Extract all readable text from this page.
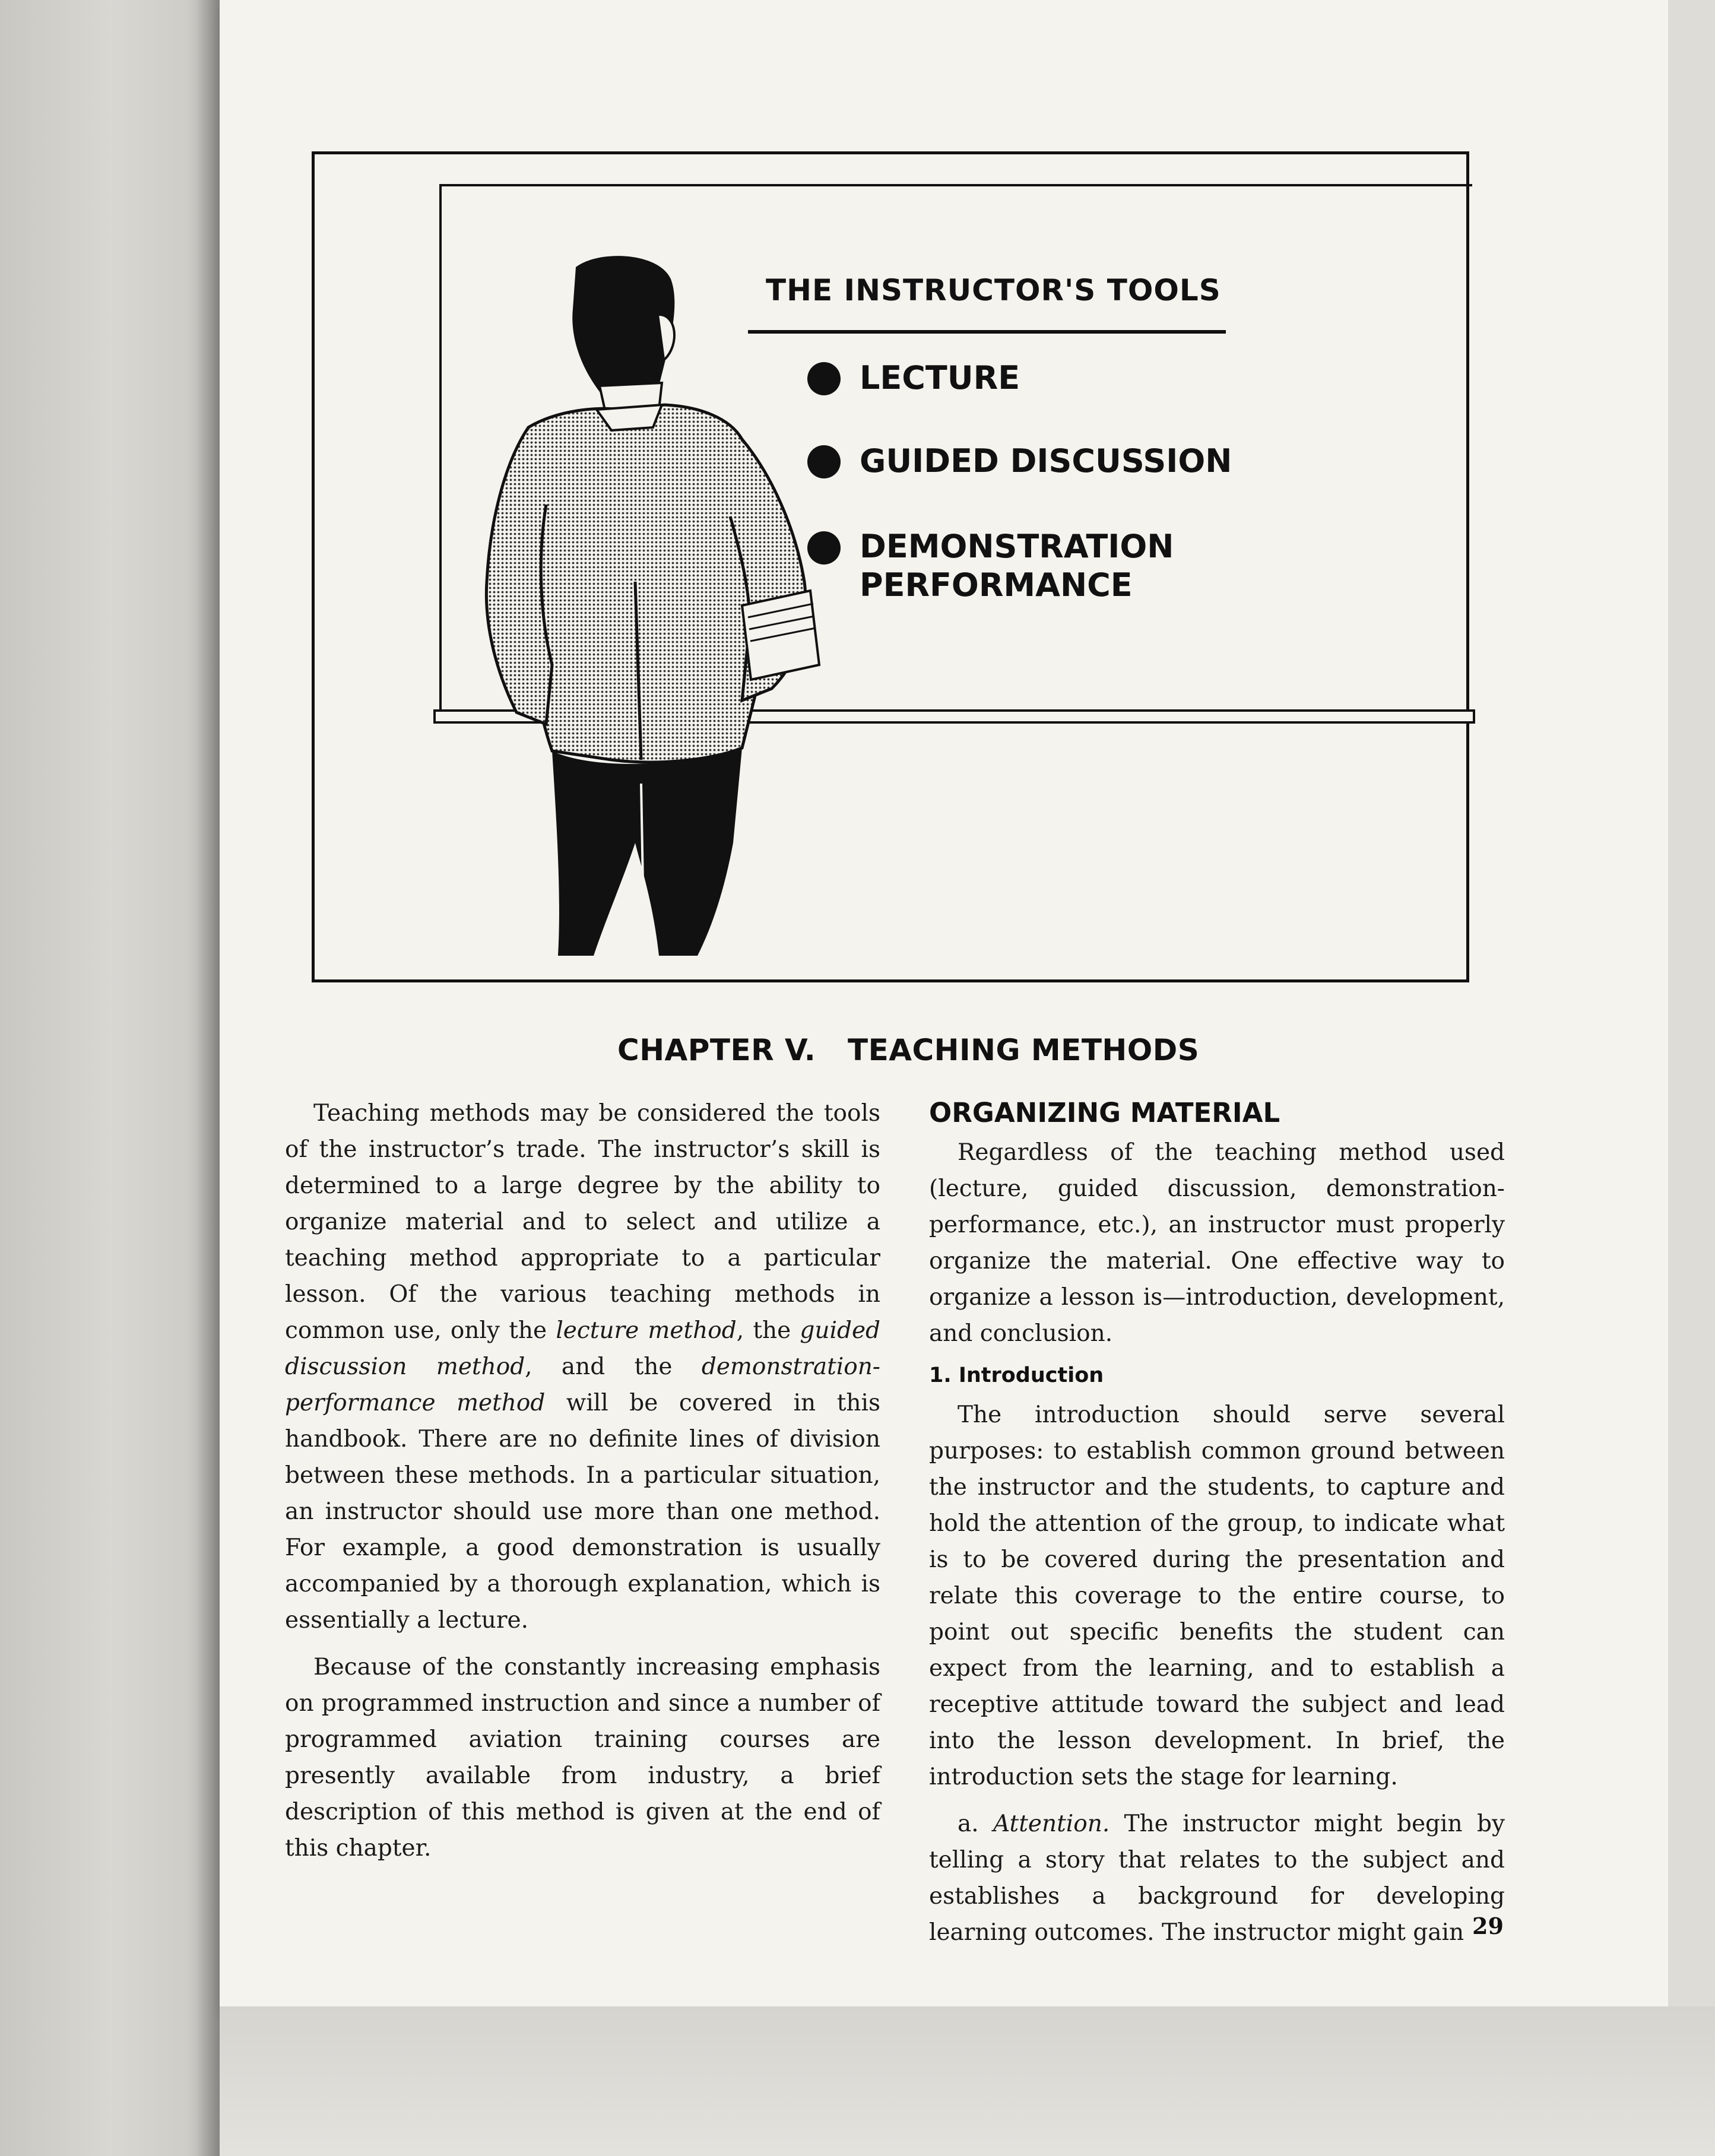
THE INSTRUCTOR'S TOOLS
LECTURE
GUIDED DISCUSSION
DEMONSTRATION
PERFORMANCE
CHAPTER V.   TEACHING METHODS

Teaching methods may be considered the tools of the instructor’s trade. The instructor’s skill is determined to a large degree by the ability to organize material and to select and utilize a teaching method appropriate to a particular lesson. Of the various teaching methods in common use, only the lecture method, the guided discussion method, and the demonstration-performance method will be covered in this handbook. There are no definite lines of division between these methods. In a particular situation, an instructor should use more than one method. For example, a good demonstration is usually accompanied by a thorough explanation, which is essentially a lecture.

Because of the constantly increasing emphasis on programmed instruction and since a number of programmed aviation training courses are presently available from industry, a brief description of this method is given at the end of this chapter.

ORGANIZING MATERIAL

Regardless of the teaching method used (lecture, guided discussion, demonstration-performance, etc.), an instructor must properly organize the material. One effective way to organize a lesson is—introduction, development, and conclusion.

1. Introduction

The introduction should serve several purposes: to establish common ground between the instructor and the students, to capture and hold the attention of the group, to indicate what is to be covered during the presentation and relate this coverage to the entire course, to point out specific benefits the student can expect from the learning, and to establish a receptive attitude toward the subject and lead into the lesson development. In brief, the introduction sets the stage for learning.

a. Attention. The instructor might begin by telling a story that relates to the subject and establishes a background for developing learning outcomes. The instructor might gain 29
